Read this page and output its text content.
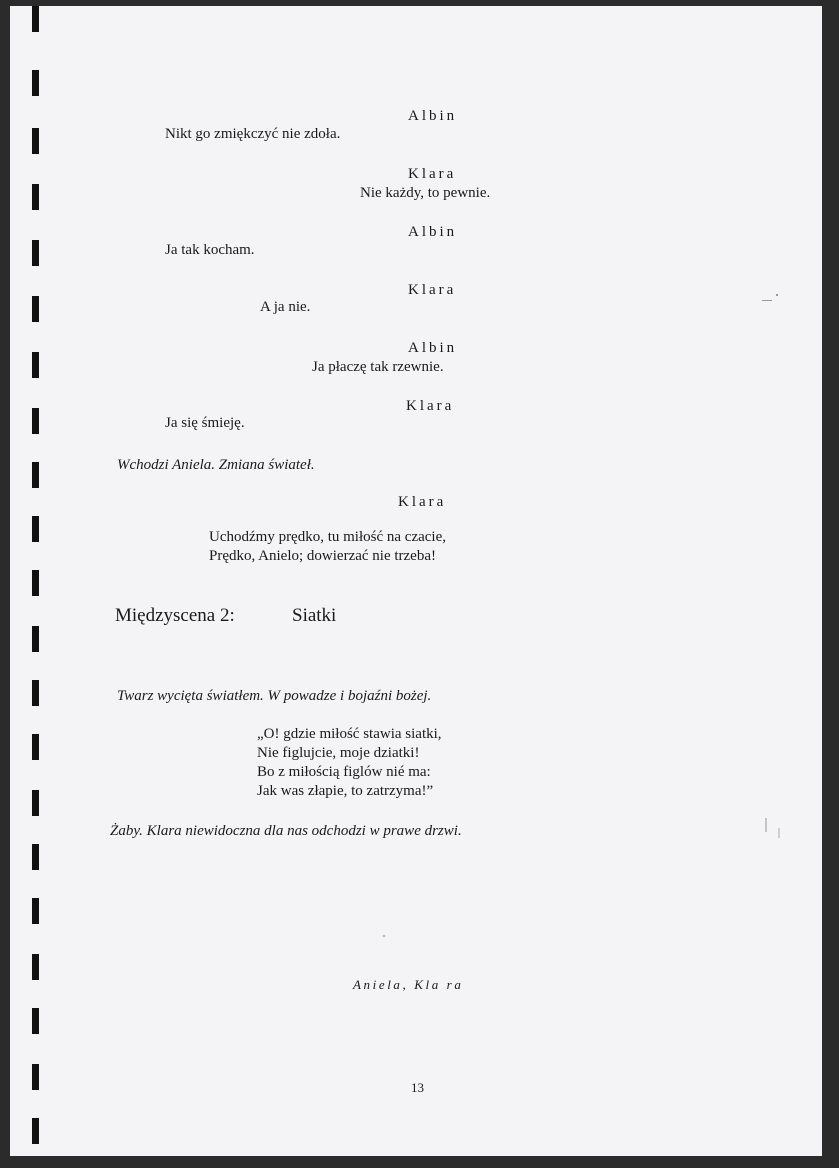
Albin
Nikt go zmiękczyć nie zdoła.
Klara
Nie każdy, to pewnie.
Albin
Ja tak kocham.
Klara
A ja nie.
Albin
Ja płaczę tak rzewnie.
Klara
Ja się śmieję.
Wchodzi Aniela. Zmiana świateł.
Klara
Uchodźmy prędko, tu miłość na czacie,
Prędko, Anielo; dowierzać nie trzeba!
Międzyscena 2:	Siatki
Twarz wycięta światłem. W powadze i bojaźni bożej.
„O! gdzie miłość stawia siatki,
Nie figlujcie, moje dziatki!
Bo z miłością figlów nié ma:
Jak was złapie, to zatrzyma!”
Żaby. Klara niewidoczna dla nas odchodzi w prawe drzwi.
Aniela, Kla ra
13
